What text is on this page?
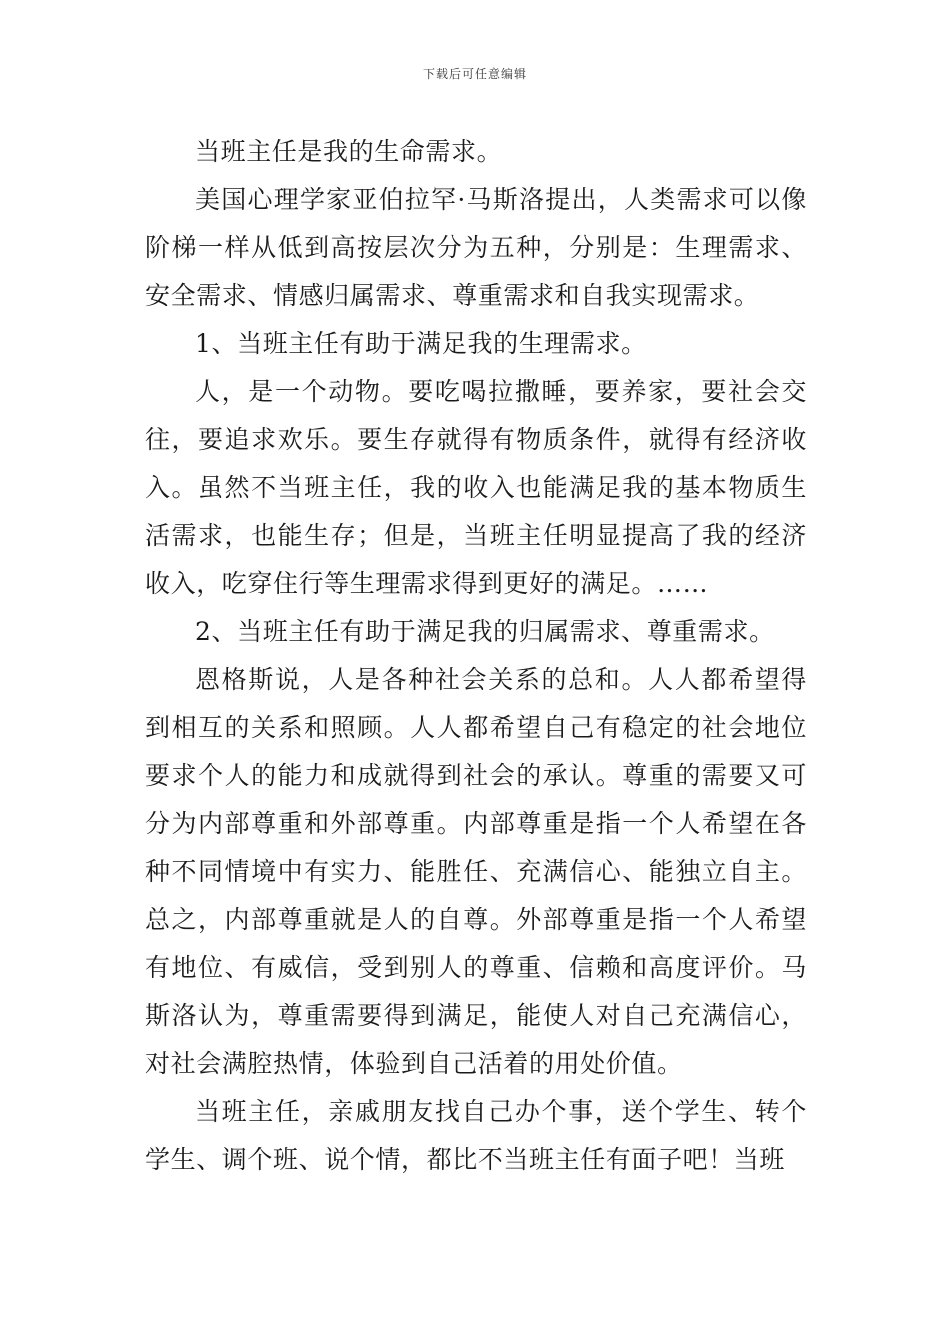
下载后可任意编辑

当班主任是我的生命需求。

美国心理学家亚伯拉罕·马斯洛提出，人类需求可以像阶梯一样从低到高按层次分为五种，分别是：生理需求、安全需求、情感归属需求、尊重需求和自我实现需求。

1、当班主任有助于满足我的生理需求。

人，是一个动物。要吃喝拉撒睡，要养家，要社会交往，要追求欢乐。要生存就得有物质条件，就得有经济收入。虽然不当班主任，我的收入也能满足我的基本物质生活需求，也能生存；但是，当班主任明显提高了我的经济收入，吃穿住行等生理需求得到更好的满足。……

2、当班主任有助于满足我的归属需求、尊重需求。

恩格斯说，人是各种社会关系的总和。人人都希望得到相互的关系和照顾。人人都希望自己有稳定的社会地位要求个人的能力和成就得到社会的承认。尊重的需要又可分为内部尊重和外部尊重。内部尊重是指一个人希望在各种不同情境中有实力、能胜任、充满信心、能独立自主。总之，内部尊重就是人的自尊。外部尊重是指一个人希望有地位、有威信，受到别人的尊重、信赖和高度评价。马斯洛认为，尊重需要得到满足，能使人对自己充满信心，对社会满腔热情，体验到自己活着的用处价值。

当班主任，亲戚朋友找自己办个事，送个学生、转个学生、调个班、说个情，都比不当班主任有面子吧！当班
